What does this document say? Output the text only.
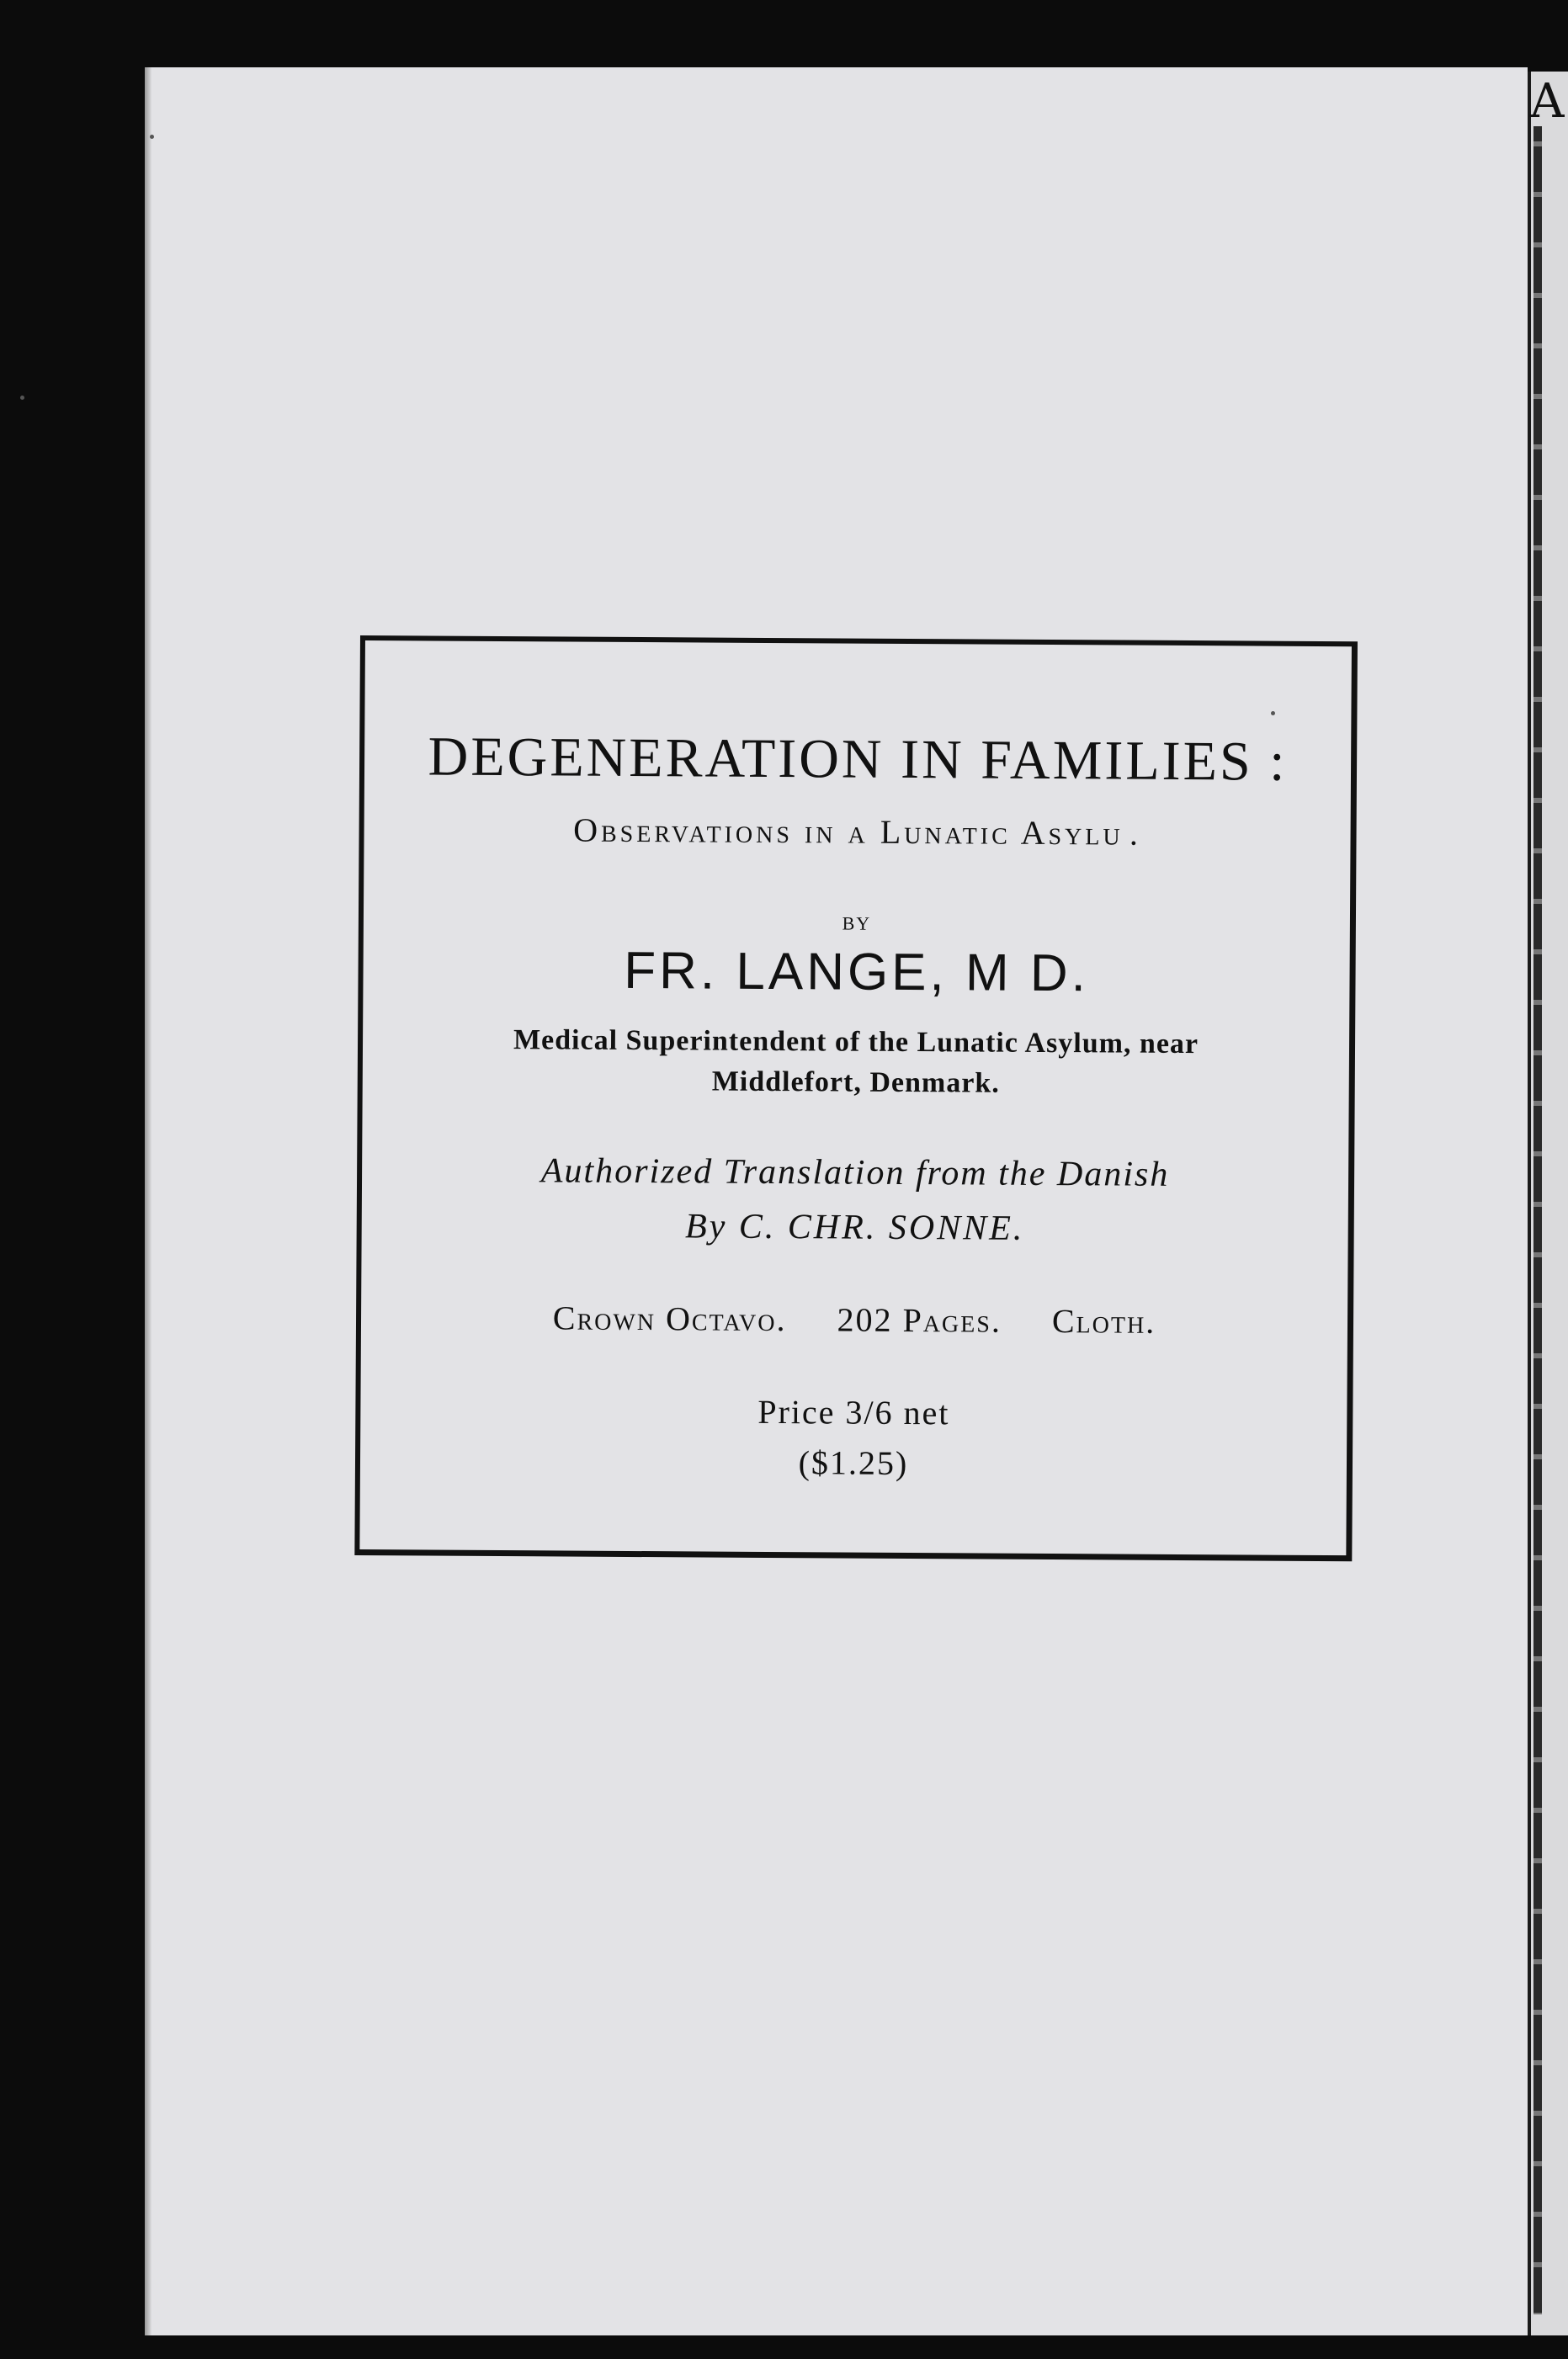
A
DEGENERATION IN FAMILIES :
Observations in a Lunatic Asylu .
BY
FR. LANGE, M D.
Medical Superintendent of the Lunatic Asylum, near
Middlefort, Denmark.
Authorized Translation from the Danish
By C. CHR. SONNE.
Crown Octavo. 202 Pages. Cloth.
Price 3/6 net
($1.25)
